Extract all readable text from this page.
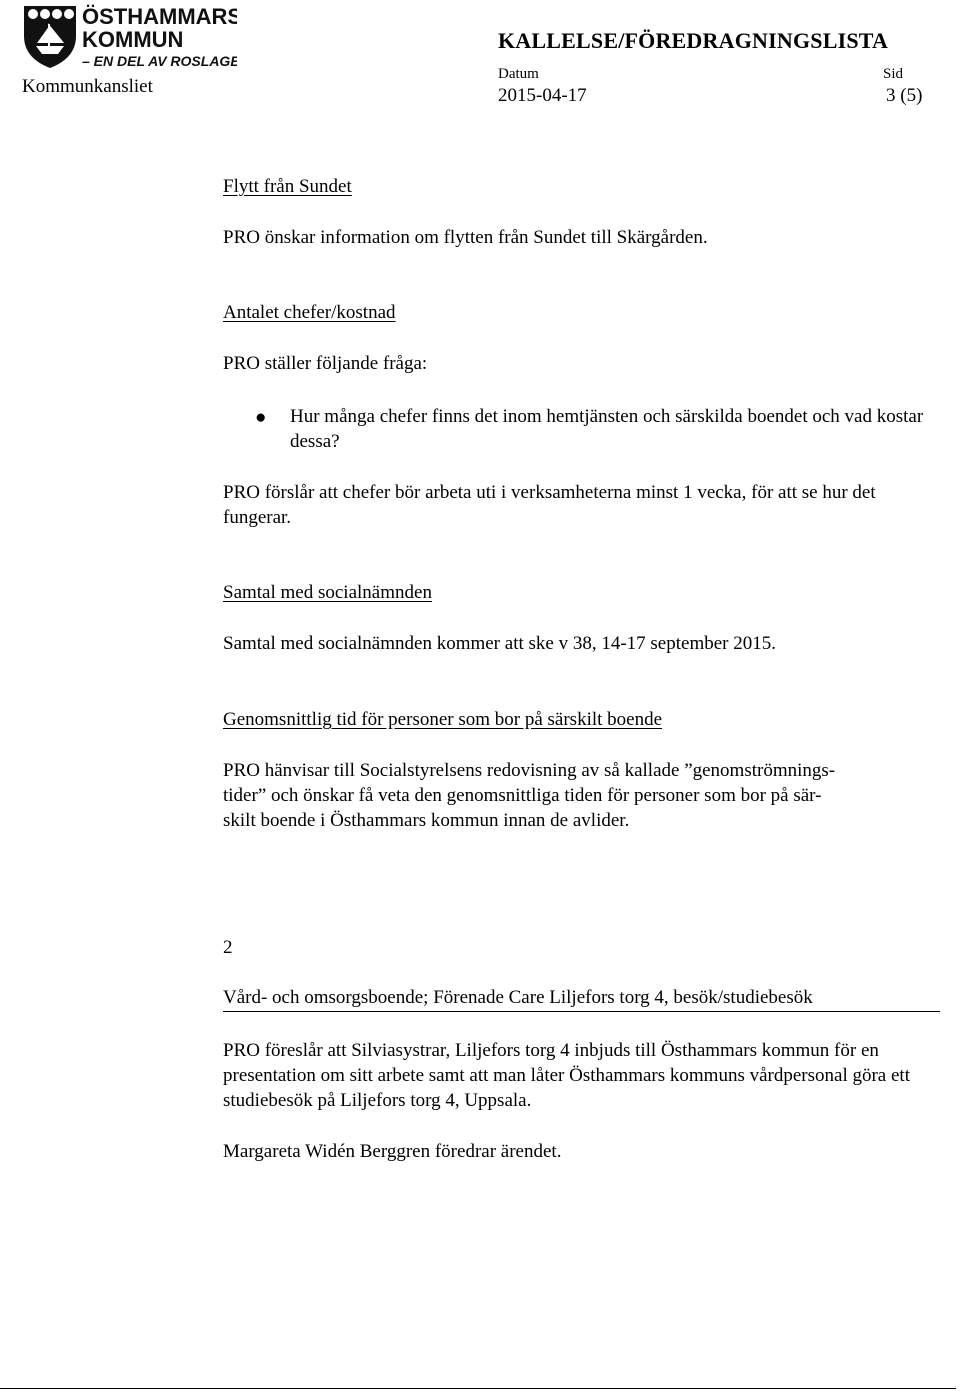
ÖSTHAMMARS
KOMMUN
– EN DEL AV ROSLAGEN
Kommunkansliet
KALLELSE/FÖREDRAGNINGSLISTA
Datum	Sid
2015-04-17	3 (5)
Flytt från Sundet
PRO önskar information om flytten från Sundet till Skärgården.
Antalet chefer/kostnad
PRO ställer följande fråga:
● Hur många chefer finns det inom hemtjänsten och särskilda boendet och vad kostar dessa?
PRO förslår att chefer bör arbeta uti i verksamheterna minst 1 vecka, för att se hur det fungerar.
Samtal med socialnämnden
Samtal med socialnämnden kommer att ske v 38, 14-17 september 2015.
Genomsnittlig tid för personer som bor på särskilt boende
PRO hänvisar till Socialstyrelsens redovisning av så kallade ”genomströmnings-
tider” och önskar få veta den genomsnittliga tiden för personer som bor på sär-
skilt boende i Östhammars kommun innan de avlider.
2
Vård- och omsorgsboende; Förenade Care Liljefors torg 4, besök/studiebesök
PRO föreslår att Silviasystrar, Liljefors torg 4 inbjuds till Östhammars kommun för en presentation om sitt arbete samt att man låter Östhammars kommuns vårdpersonal göra ett studiebesök på Liljefors torg 4, Uppsala.
Margareta Widén Berggren föredrar ärendet.
